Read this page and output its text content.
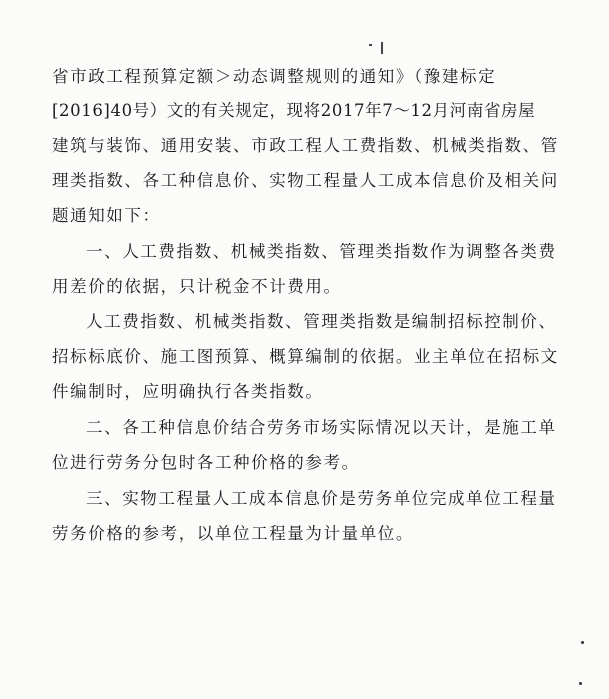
省市政工程预算定额＞动态调整规则的通知》（豫建标定
[2016]40号）文的有关规定，现将2017年7～12月河南省房屋
建筑与装饰、通用安装、市政工程人工费指数、机械类指数、管
理类指数、各工种信息价、实物工程量人工成本信息价及相关问
题通知如下：
一、人工费指数、机械类指数、管理类指数作为调整各类费
用差价的依据，只计税金不计费用。
人工费指数、机械类指数、管理类指数是编制招标控制价、
招标标底价、施工图预算、概算编制的依据。业主单位在招标文
件编制时，应明确执行各类指数。
二、各工种信息价结合劳务市场实际情况以天计，是施工单
位进行劳务分包时各工种价格的参考。
三、实物工程量人工成本信息价是劳务单位完成单位工程量
劳务价格的参考，以单位工程量为计量单位。
